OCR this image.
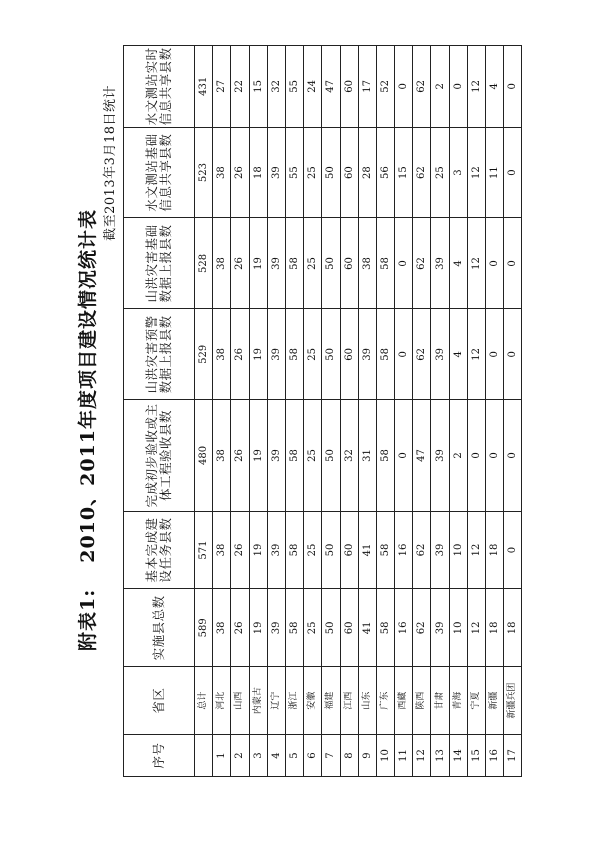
附表1:2010、2011年度项目建设情况统计表
截至2013年3月18日统计
序号	省区	实施县总数	基本完成建设任务县数	完成初步验收或主体工程验收县数	山洪灾害预警数据上报县数	山洪灾害基础数据上报县数	水文测站基础信息共享县数	水文测站实时信息共享县数
	总计	589	571	480	529	528	523	431
1	河北	38	38	38	38	38	38	27
2	山西	26	26	26	26	26	26	22
3	内蒙古	19	19	19	19	19	18	15
4	辽宁	39	39	39	39	39	39	32
5	浙江	58	58	58	58	58	55	55
6	安徽	25	25	25	25	25	25	24
7	福建	50	50	50	50	50	50	47
8	江西	60	60	32	60	60	60	60
9	山东	41	41	31	39	38	28	17
10	广东	58	58	58	58	58	56	52
11	西藏	16	16	0	0	0	15	0
12	陕西	62	62	47	62	62	62	62
13	甘肃	39	39	39	39	39	25	2
14	青海	10	10	2	4	4	3	0
15	宁夏	12	12	0	12	12	12	12
16	新疆	18	18	0	0	0	11	4
17	新疆兵团	18	0	0	0	0	0	0
